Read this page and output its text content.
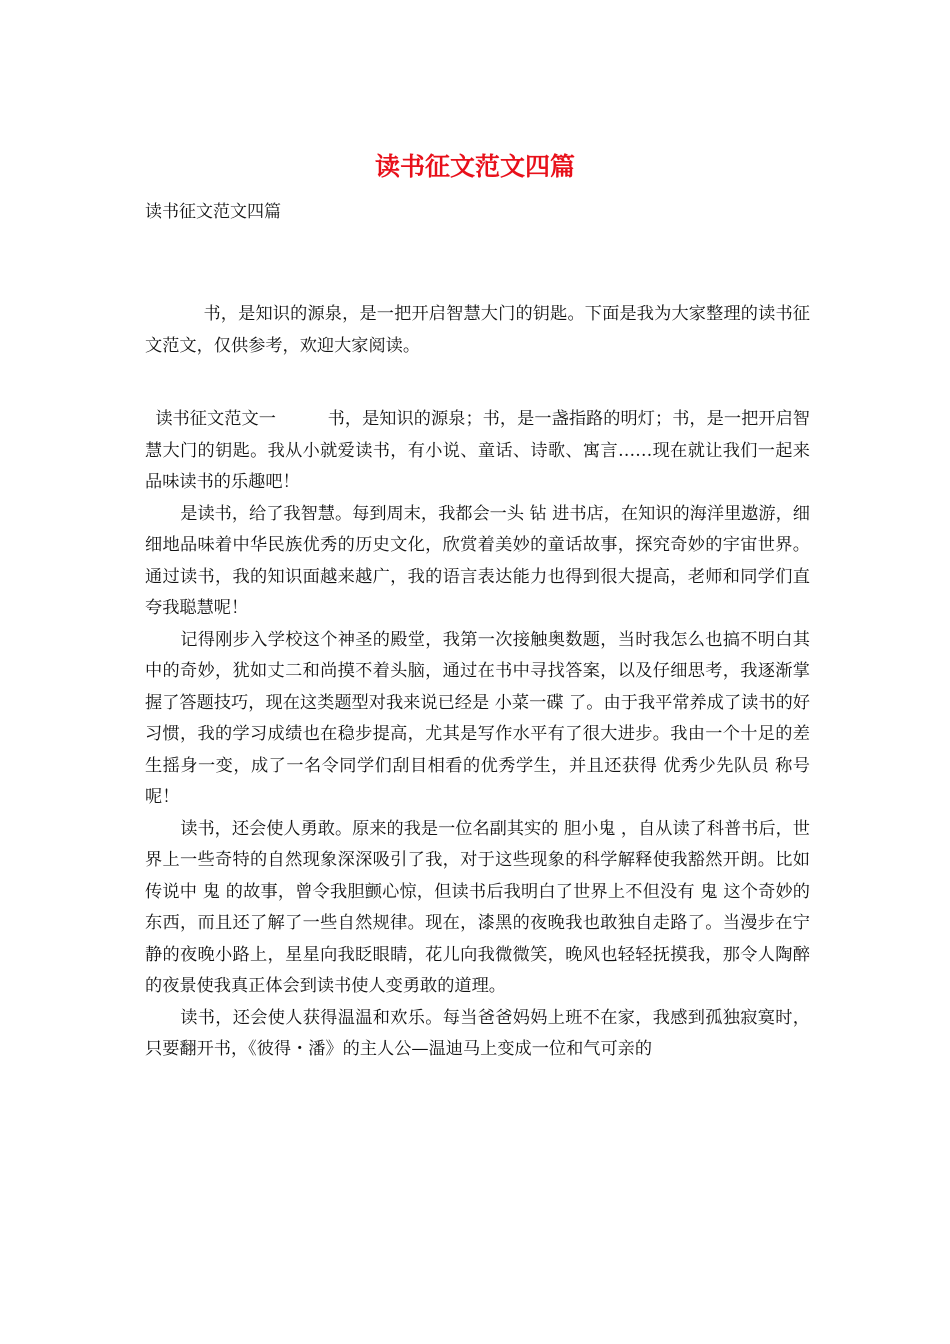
读书征文范文四篇
读书征文范文四篇

书，是知识的源泉，是一把开启智慧大门的钥匙。下面是我为大家整理的读书征文范文，仅供参考，欢迎大家阅读。

读书征文范文一　　　书，是知识的源泉；书，是一盏指路的明灯；书，是一把开启智慧大门的钥匙。我从小就爱读书，有小说、童话、诗歌、寓言……现在就让我们一起来品味读书的乐趣吧！

是读书，给了我智慧。每到周末，我都会一头 钻 进书店，在知识的海洋里遨游，细细地品味着中华民族优秀的历史文化，欣赏着美妙的童话故事，探究奇妙的宇宙世界。通过读书，我的知识面越来越广，我的语言表达能力也得到很大提高，老师和同学们直夸我聪慧呢！

记得刚步入学校这个神圣的殿堂，我第一次接触奥数题，当时我怎么也搞不明白其中的奇妙，犹如丈二和尚摸不着头脑，通过在书中寻找答案，以及仔细思考，我逐渐掌握了答题技巧，现在这类题型对我来说已经是 小菜一碟 了。由于我平常养成了读书的好习惯，我的学习成绩也在稳步提高，尤其是写作水平有了很大进步。我由一个十足的差生摇身一变，成了一名令同学们刮目相看的优秀学生，并且还获得 优秀少先队员 称号呢！

读书，还会使人勇敢。原来的我是一位名副其实的 胆小鬼 ，自从读了科普书后，世界上一些奇特的自然现象深深吸引了我，对于这些现象的科学解释使我豁然开朗。比如传说中 鬼 的故事，曾令我胆颤心惊，但读书后我明白了世界上不但没有 鬼 这个奇妙的东西，而且还了解了一些自然规律。现在，漆黑的夜晚我也敢独自走路了。当漫步在宁静的夜晚小路上，星星向我眨眼睛，花儿向我微微笑，晚风也轻轻抚摸我，那令人陶醉的夜景使我真正体会到读书使人变勇敢的道理。

读书，还会使人获得温温和欢乐。每当爸爸妈妈上班不在家，我感到孤独寂寞时，只要翻开书，《彼得・潘》的主人公—温迪马上变成一位和气可亲的
